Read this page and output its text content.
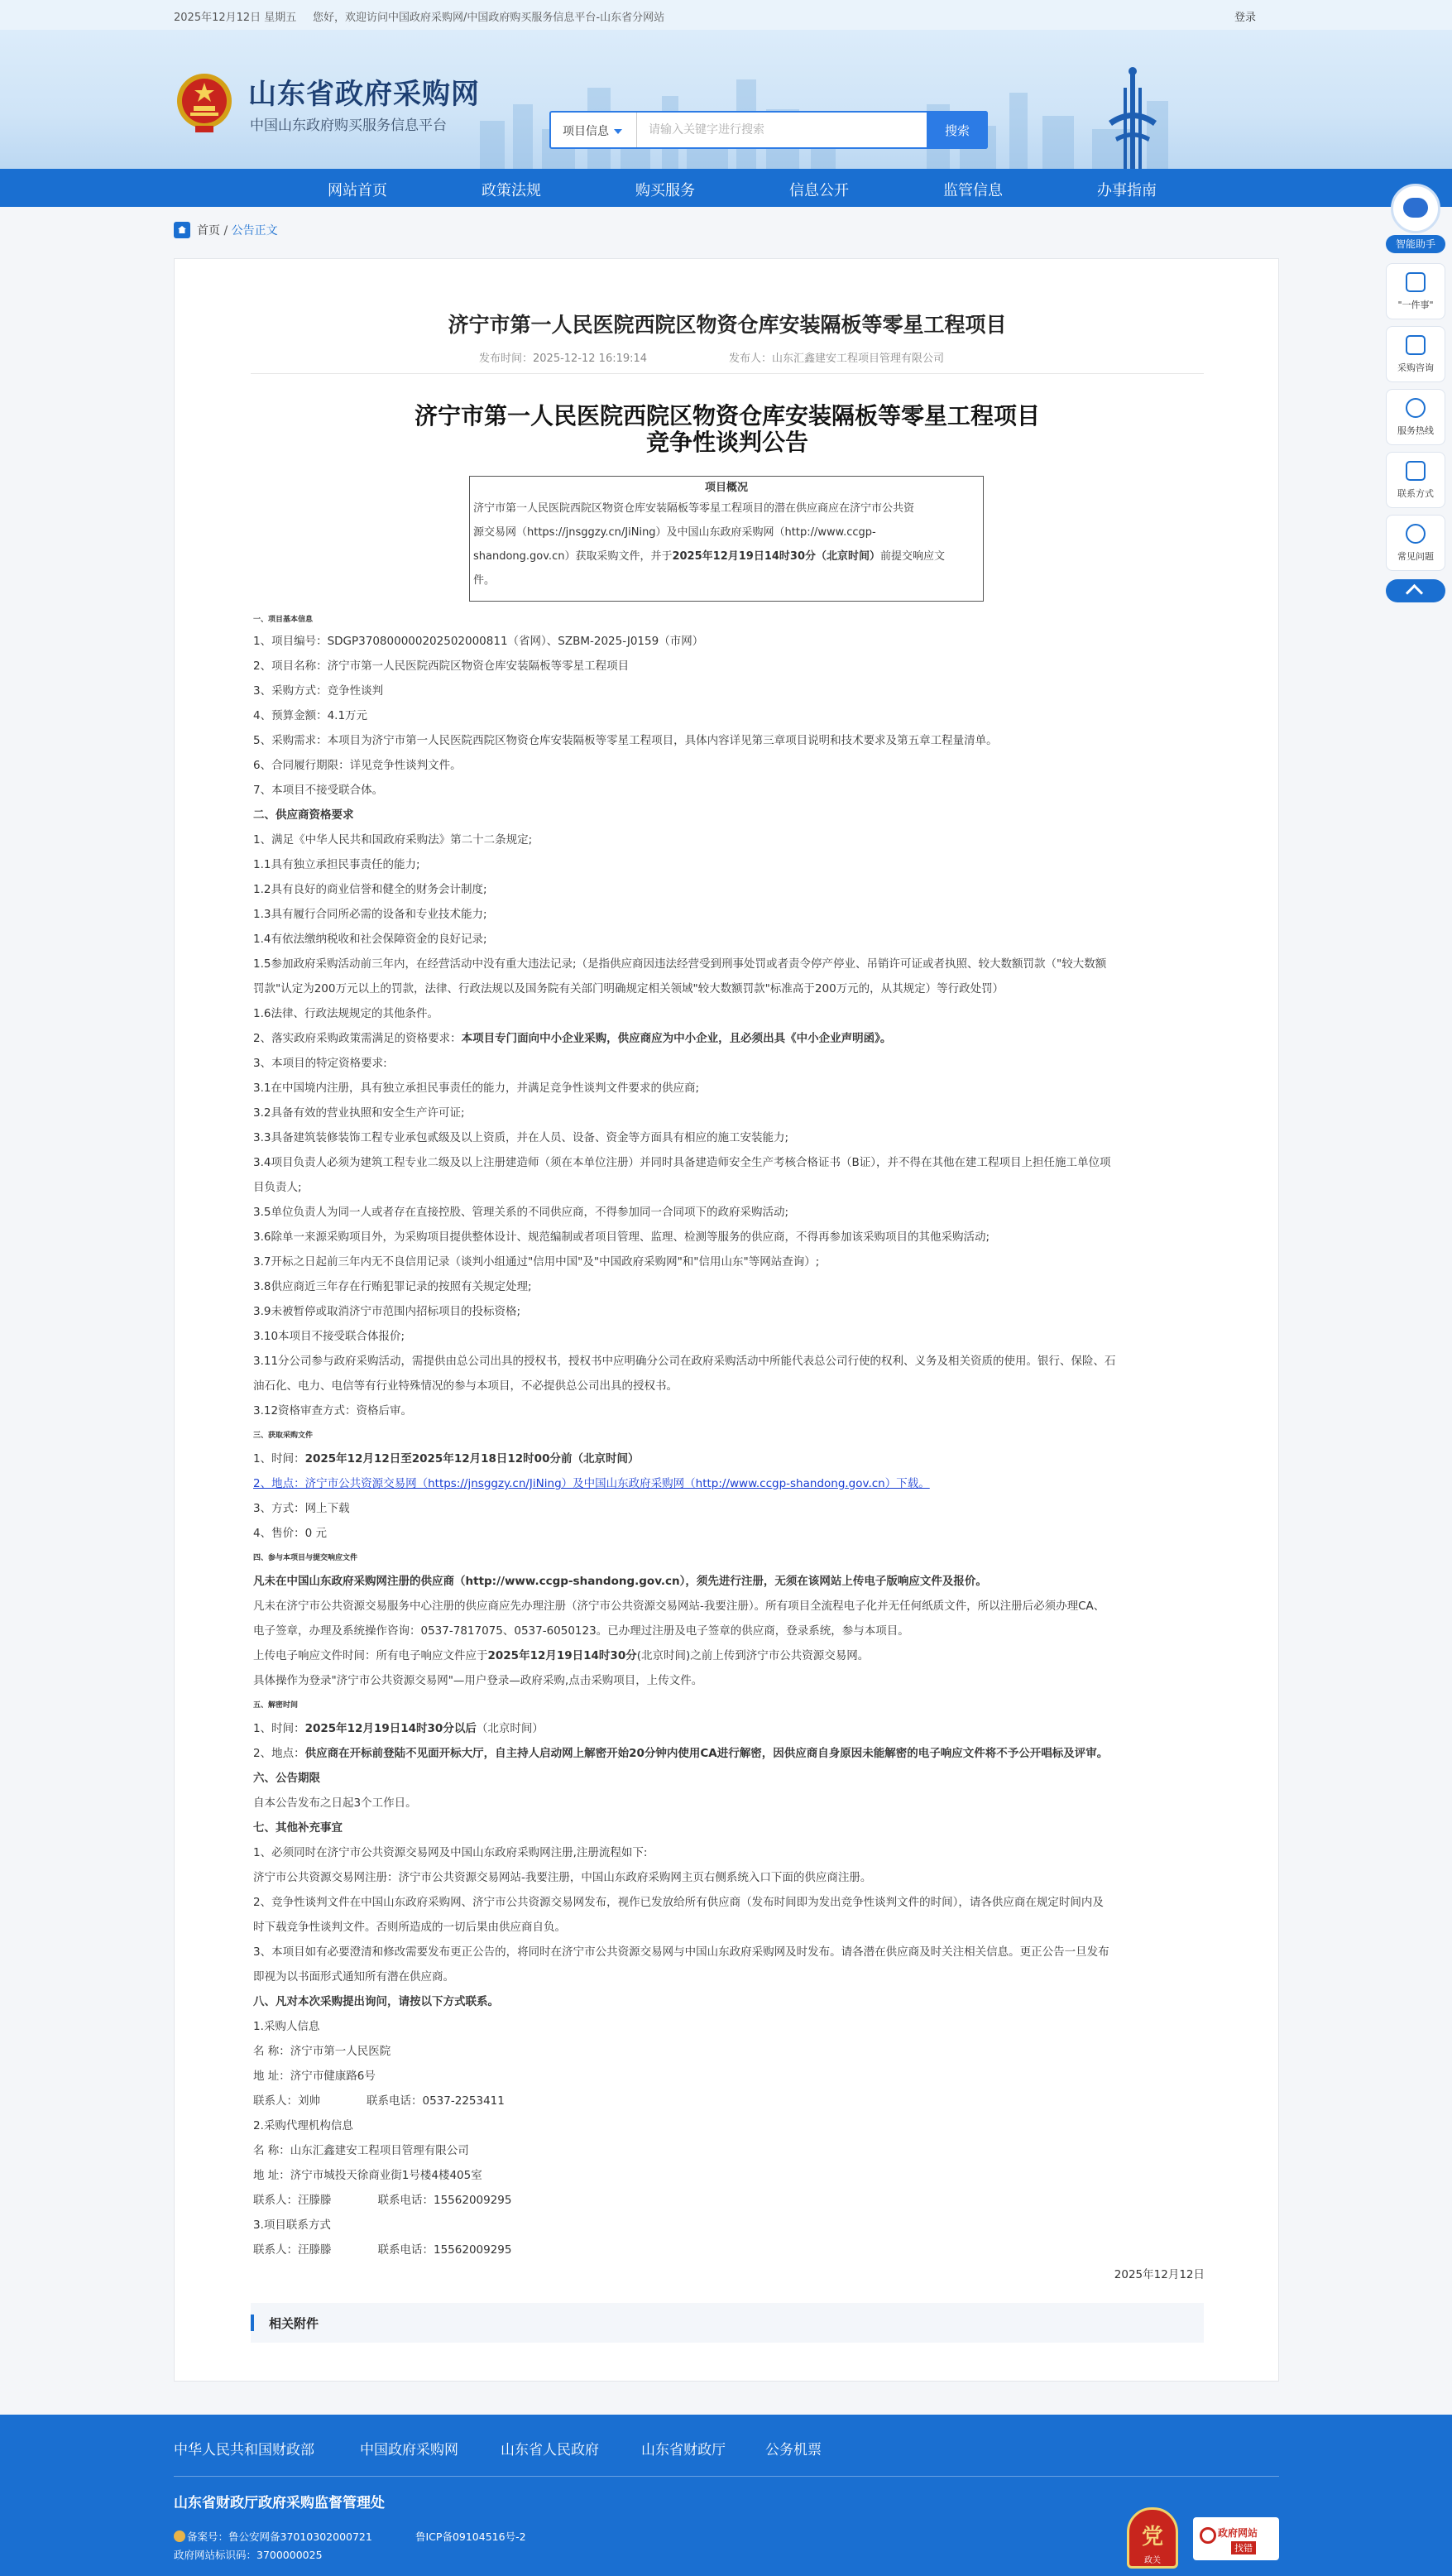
2025年12月12日 星期五 您好，欢迎访问中国政府采购网/中国政府购买服务信息平台-山东省分网站	登录
山东省政府采购网
中国山东政府购买服务信息平台	项目信息
请输入关键字进行搜索	搜索
网站首页	政策法规	购买服务	信息公开	监管信息	办事指南
首页 / 公告正文
济宁市第一人民医院西院区物资仓库安装隔板等零星工程项目
发布时间：2025-12-12 16:19:14	发布人：山东汇鑫建安工程项目管理有限公司
济宁市第一人民医院西院区物资仓库安装隔板等零星工程项目
竞争性谈判公告
项目概况
济宁市第一人民医院西院区物资仓库安装隔板等零星工程项目的潜在供应商应在济宁市公共资
源交易网（https://jnsggzy.cn/JiNing）及中国山东政府采购网（http://www.ccgp-
shandong.gov.cn）获取采购文件，并于2025年12月19日14时30分（北京时间）前提交响应文
件。
一、项目基本信息
1、项目编号：SDGP370800000202502000811（省网）、SZBM-2025-J0159（市网）
2、项目名称：济宁市第一人民医院西院区物资仓库安装隔板等零星工程项目
3、采购方式：竞争性谈判
4、预算金额：4.1万元
5、采购需求：本项目为济宁市第一人民医院西院区物资仓库安装隔板等零星工程项目，具体内容详见第三章项目说明和技术要求及第五章工程量清单。
6、合同履行期限：详见竞争性谈判文件。
7、本项目不接受联合体。
二、供应商资格要求
1、满足《中华人民共和国政府采购法》第二十二条规定;
1.1具有独立承担民事责任的能力;
1.2具有良好的商业信誉和健全的财务会计制度;
1.3具有履行合同所必需的设备和专业技术能力;
1.4有依法缴纳税收和社会保障资金的良好记录;
1.5参加政府采购活动前三年内，在经营活动中没有重大违法记录;（是指供应商因违法经营受到刑事处罚或者责令停产停业、吊销许可证或者执照、较大数额罚款（"较大数额
罚款"认定为200万元以上的罚款，法律、行政法规以及国务院有关部门明确规定相关领域"较大数额罚款"标准高于200万元的，从其规定）等行政处罚）
1.6法律、行政法规规定的其他条件。
2、落实政府采购政策需满足的资格要求：本项目专门面向中小企业采购，供应商应为中小企业，且必须出具《中小企业声明函》。
3、本项目的特定资格要求:
3.1在中国境内注册，具有独立承担民事责任的能力，并满足竞争性谈判文件要求的供应商;
3.2具备有效的营业执照和安全生产许可证;
3.3具备建筑装修装饰工程专业承包贰级及以上资质，并在人员、设备、资金等方面具有相应的施工安装能力;
3.4项目负责人必须为建筑工程专业二级及以上注册建造师（须在本单位注册）并同时具备建造师安全生产考核合格证书（B证），并不得在其他在建工程项目上担任施工单位项
目负责人;
3.5单位负责人为同一人或者存在直接控股、管理关系的不同供应商，不得参加同一合同项下的政府采购活动;
3.6除单一来源采购项目外，为采购项目提供整体设计、规范编制或者项目管理、监理、检测等服务的供应商，不得再参加该采购项目的其他采购活动;
3.7开标之日起前三年内无不良信用记录（谈判小组通过"信用中国"及"中国政府采购网"和"信用山东"等网站查询）;
3.8供应商近三年存在行贿犯罪记录的按照有关规定处理;
3.9未被暂停或取消济宁市范围内招标项目的投标资格;
3.10本项目不接受联合体报价;
3.11分公司参与政府采购活动，需提供由总公司出具的授权书，授权书中应明确分公司在政府采购活动中所能代表总公司行使的权利、义务及相关资质的使用。银行、保险、石
油石化、电力、电信等有行业特殊情况的参与本项目，不必提供总公司出具的授权书。
3.12资格审查方式：资格后审。
三、获取采购文件
1、时间：2025年12月12日至2025年12月18日12时00分前（北京时间）
2、地点：济宁市公共资源交易网（https://jnsggzy.cn/JiNing）及中国山东政府采购网（http://www.ccgp-shandong.gov.cn）下载。
3、方式：网上下载
4、售价：0 元
四、参与本项目与提交响应文件
凡未在中国山东政府采购网注册的供应商（http://www.ccgp-shandong.gov.cn），须先进行注册，无须在该网站上传电子版响应文件及报价。
凡未在济宁市公共资源交易服务中心注册的供应商应先办理注册（济宁市公共资源交易网站-我要注册）。所有项目全流程电子化并无任何纸质文件，所以注册后必须办理CA、
电子签章，办理及系统操作咨询：0537-7817075、0537-6050123。已办理过注册及电子签章的供应商，登录系统，参与本项目。
上传电子响应文件时间：所有电子响应文件应于2025年12月19日14时30分(北京时间)之前上传到济宁市公共资源交易网。
具体操作为登录"济宁市公共资源交易网"—用户登录—政府采购,点击采购项目，上传文件。
五、解密时间
1、时间：2025年12月19日14时30分以后（北京时间）
2、地点：供应商在开标前登陆不见面开标大厅，自主持人启动网上解密开始20分钟内使用CA进行解密，因供应商自身原因未能解密的电子响应文件将不予公开唱标及评审。
六、公告期限
自本公告发布之日起3个工作日。
七、其他补充事宜
1、必须同时在济宁市公共资源交易网及中国山东政府采购网注册,注册流程如下:
济宁市公共资源交易网注册：济宁市公共资源交易网站-我要注册，中国山东政府采购网主页右侧系统入口下面的供应商注册。
2、竞争性谈判文件在中国山东政府采购网、济宁市公共资源交易网发布，视作已发放给所有供应商（发布时间即为发出竞争性谈判文件的时间），请各供应商在规定时间内及
时下载竞争性谈判文件。否则所造成的一切后果由供应商自负。
3、本项目如有必要澄清和修改需要发布更正公告的，将同时在济宁市公共资源交易网与中国山东政府采购网及时发布。请各潜在供应商及时关注相关信息。更正公告一旦发布
即视为以书面形式通知所有潜在供应商。
八、凡对本次采购提出询问，请按以下方式联系。
1.采购人信息
名 称：济宁市第一人民医院
地 址：济宁市健康路6号
联系人：刘帅	联系电话：0537-2253411
2.采购代理机构信息
名 称：山东汇鑫建安工程项目管理有限公司
地 址：济宁市城投天徐商业街1号楼4楼405室
联系人：汪滕滕	联系电话：15562009295
3.项目联系方式
联系人：汪滕滕	联系电话：15562009295
2025年12月12日
相关附件
智能助手
"一件事"
采购咨询
服务热线
联系方式
常见问题
中华人民共和国财政部	中国政府采购网	山东省人民政府	山东省财政厅	公务机票
山东省财政厅政府采购监督管理处
备案号：鲁公安网备37010302000721	鲁ICP备09104516号-2
政府网站标识码：3700000025
党
政关
政府网站
找错
